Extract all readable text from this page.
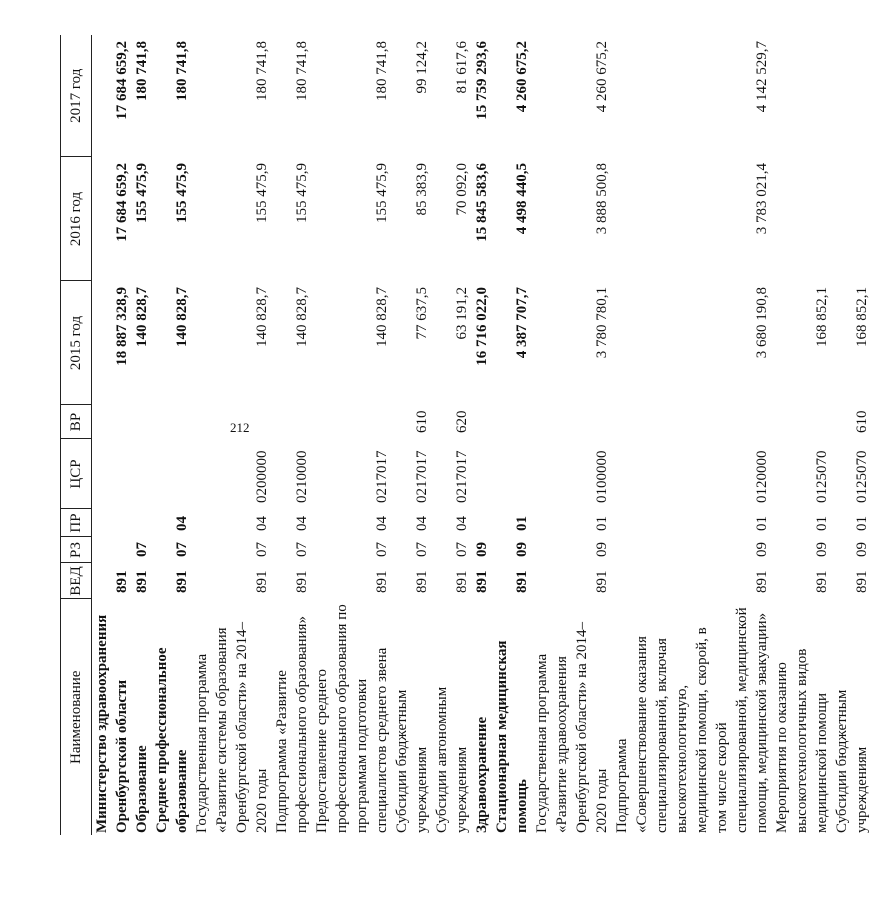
212
Наименование	ВЕД	РЗ	ПР	ЦСР	ВР	2015 год	2016 год	2017 год
Министерство здравоохранения Оренбургской области	891					18 887 328,9	17 684 659,2	17 684 659,2
Образование	891	07				140 828,7	155 475,9	180 741,8
Среднее профессиональное образование	891	07	04			140 828,7	155 475,9	180 741,8
Государственная программа «Развитие системы образования Оренбургской области» на 2014–2020 годы	891	07	04	0200000		140 828,7	155 475,9	180 741,8
Подпрограмма «Развитие профессионального образования»	891	07	04	0210000		140 828,7	155 475,9	180 741,8
Предоставление среднего профессионального образования по программам подготовки специалистов среднего звена	891	07	04	0217017		140 828,7	155 475,9	180 741,8
Субсидии бюджетным учреждениям	891	07	04	0217017	610	77 637,5	85 383,9	99 124,2
Субсидии автономным учреждениям	891	07	04	0217017	620	63 191,2	70 092,0	81 617,6
Здравоохранение	891	09				16 716 022,0	15 845 583,6	15 759 293,6
Стационарная медицинская помощь	891	09	01			4 387 707,7	4 498 440,5	4 260 675,2
Государственная программа «Развитие здравоохранения Оренбургской области» на 2014–2020 годы	891	09	01	0100000		3 780 780,1	3 888 500,8	4 260 675,2
Подпрограмма «Совершенствование оказания специализированной, включая высокотехнологичную, медицинской помощи, скорой, в том числе скорой специализированной, медицинской помощи, медицинской эвакуации»	891	09	01	0120000		3 680 190,8	3 783 021,4	4 142 529,7
Мероприятия по оказанию высокотехнологичных видов медицинской помощи	891	09	01	0125070		168 852,1		
Субсидии бюджетным учреждениям	891	09	01	0125070	610	168 852,1		
